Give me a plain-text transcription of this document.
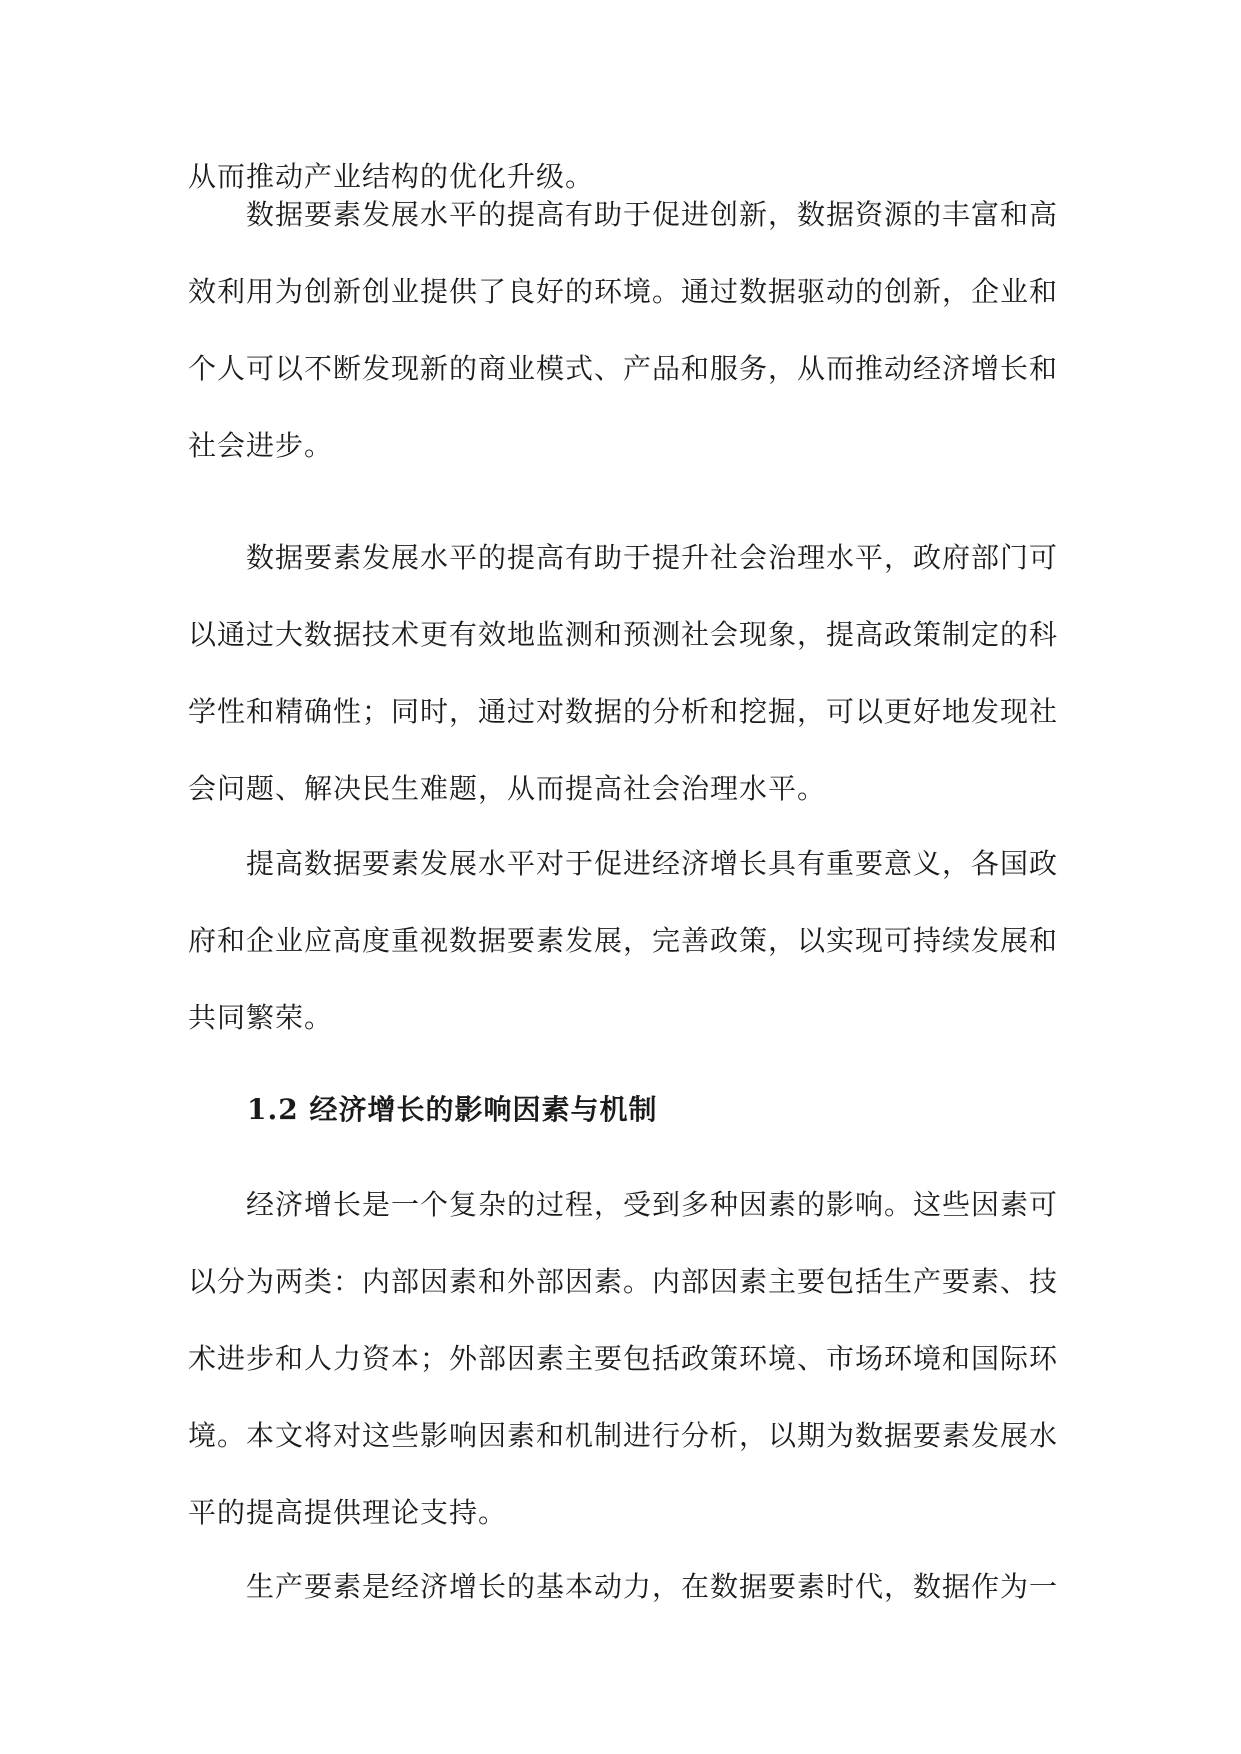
从而推动产业结构的优化升级。

数据要素发展水平的提高有助于促进创新，数据资源的丰富和高效利用为创新创业提供了良好的环境。通过数据驱动的创新，企业和个人可以不断发现新的商业模式、产品和服务，从而推动经济增长和社会进步。

数据要素发展水平的提高有助于提升社会治理水平，政府部门可以通过大数据技术更有效地监测和预测社会现象，提高政策制定的科学性和精确性；同时，通过对数据的分析和挖掘，可以更好地发现社会问题、解决民生难题，从而提高社会治理水平。

提高数据要素发展水平对于促进经济增长具有重要意义，各国政府和企业应高度重视数据要素发展，完善政策，以实现可持续发展和共同繁荣。

1.2 经济增长的影响因素与机制

经济增长是一个复杂的过程，受到多种因素的影响。这些因素可以分为两类：内部因素和外部因素。内部因素主要包括生产要素、技术进步和人力资本；外部因素主要包括政策环境、市场环境和国际环境。本文将对这些影响因素和机制进行分析，以期为数据要素发展水平的提高提供理论支持。

生产要素是经济增长的基本动力，在数据要素时代，数据作为一
